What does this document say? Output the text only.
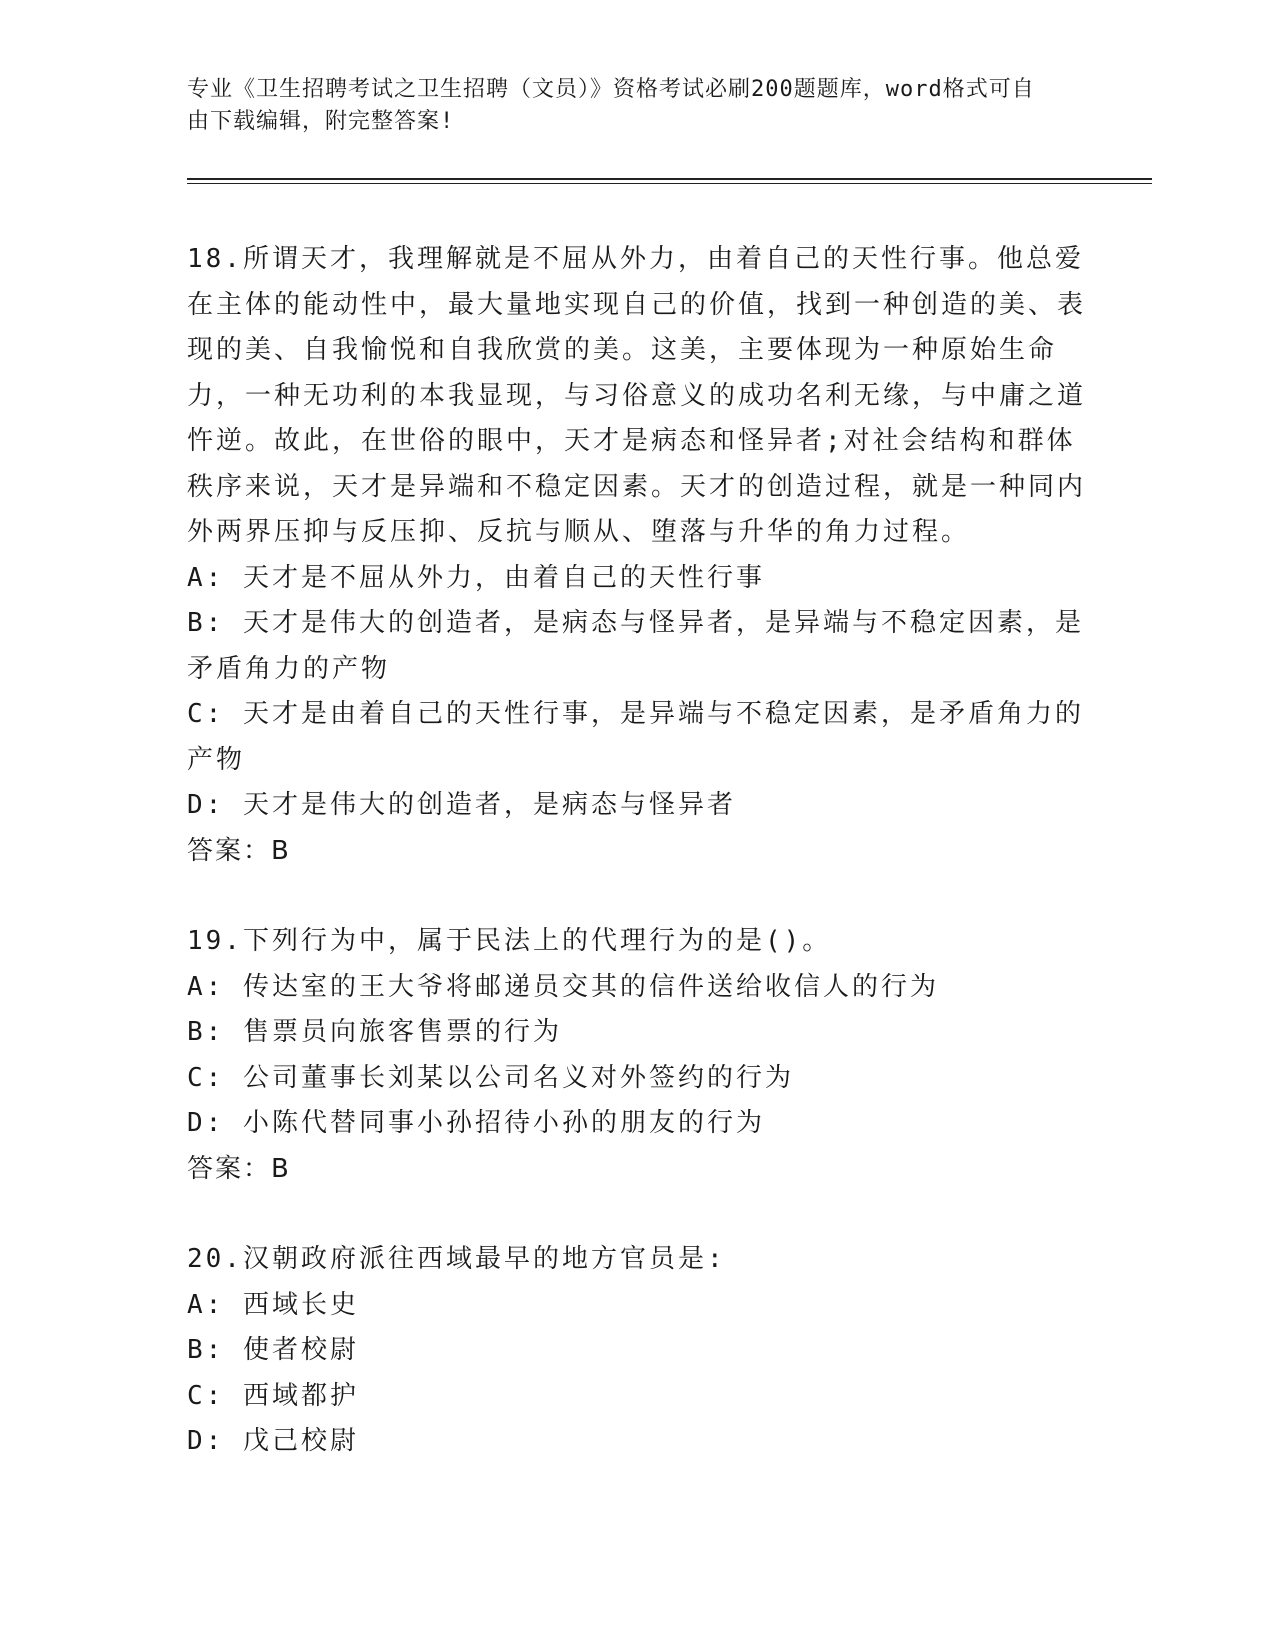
专业《卫生招聘考试之卫生招聘（文员）》资格考试必刷200题题库，word格式可自由下载编辑，附完整答案!

18.所谓天才，我理解就是不屈从外力，由着自己的天性行事。他总爱在主体的能动性中，最大量地实现自己的价值，找到一种创造的美、表现的美、自我愉悦和自我欣赏的美。这美，主要体现为一种原始生命力，一种无功利的本我显现，与习俗意义的成功名利无缘，与中庸之道忤逆。故此，在世俗的眼中，天才是病态和怪异者;对社会结构和群体秩序来说，天才是异端和不稳定因素。天才的创造过程，就是一种同内外两界压抑与反压抑、反抗与顺从、堕落与升华的角力过程。

A: 天才是不屈从外力，由着自己的天性行事

B: 天才是伟大的创造者，是病态与怪异者，是异端与不稳定因素，是矛盾角力的产物

C: 天才是由着自己的天性行事，是异端与不稳定因素，是矛盾角力的产物

D: 天才是伟大的创造者，是病态与怪异者

答案：B

19.下列行为中，属于民法上的代理行为的是()。

A: 传达室的王大爷将邮递员交其的信件送给收信人的行为

B: 售票员向旅客售票的行为

C: 公司董事长刘某以公司名义对外签约的行为

D: 小陈代替同事小孙招待小孙的朋友的行为

答案：B

20.汉朝政府派往西域最早的地方官员是:

A: 西域长史

B: 使者校尉

C: 西域都护

D: 戊己校尉
